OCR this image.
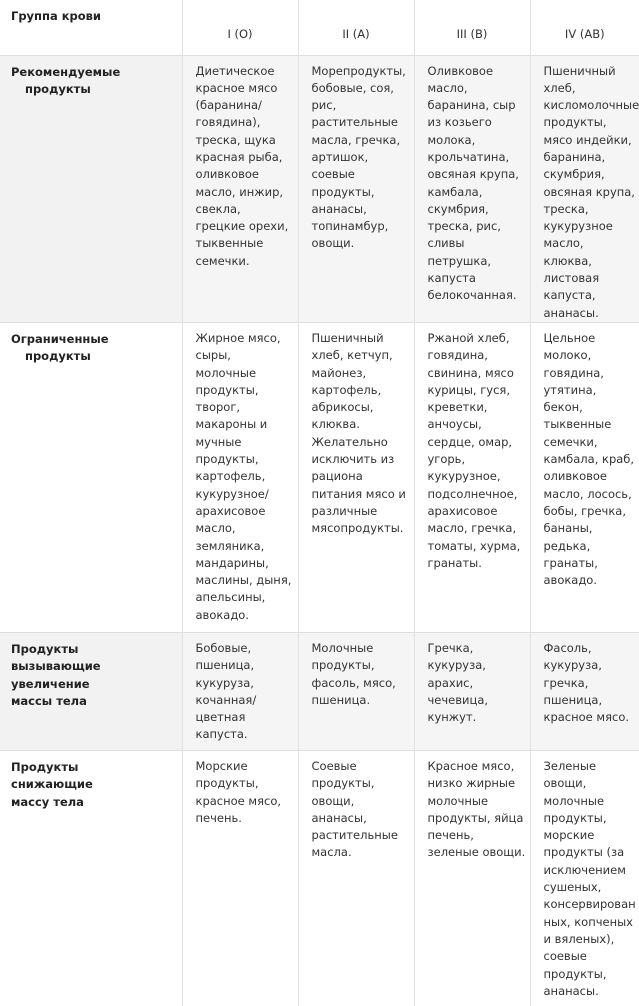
Группа крови	I (O)	II (A)	III (B)	IV (AB)
Рекомендуемые
продукты	Диетическое красное мясо (баранина/ говядина), треска, щука красная рыба, оливковое масло, инжир, свекла, грецкие орехи, тыквенные семечки.	Морепродукты, бобовые, соя, рис, растительные масла, гречка, артишок, соевые продукты, ананасы, топинамбур, овощи.	Оливковое масло, баранина, сыр из козьего молока, крольчатина, овсяная крупа, камбала, скумбрия, треска, рис, сливы петрушка, капуста белокочанная.	Пшеничный хлеб, кисломолочные продукты, мясо индейки, баранина, скумбрия, овсяная крупа, треска, кукурузное масло, клюква, листовая капуста, ананасы.
Ограниченные
продукты	Жирное мясо, сыры, молочные продукты, творог, макароны и мучные продукты, картофель, кукурузное/ арахисовое масло, земляника, мандарины, маслины, дыня, апельсины, авокадо.	Пшеничный хлеб, кетчуп, майонез, картофель, абрикосы, клюква. Желательно исключить из рациона питания мясо и различные мясопродукты.	Ржаной хлеб, говядина, свинина, мясо курицы, гуся, креветки, анчоусы, сердце, омар, угорь, кукурузное, подсолнечное, арахисовое масло, гречка, томаты, хурма, гранаты.	Цельное молоко, говядина, утятина, бекон, тыквенные семечки, камбала, краб, оливковое масло, лосось, бобы, гречка, бананы, редька, гранаты, авокадо.
Продукты
вызывающие
увеличение
массы тела	Бобовые, пшеница, кукуруза, кочанная/ цветная капуста.	Молочные продукты, фасоль, мясо, пшеница.	Гречка, кукуруза, арахис, чечевица, кунжут.	Фасоль, кукуруза, гречка, пшеница, красное мясо.
Продукты
снижающие
массу тела	Морские продукты, красное мясо, печень.	Соевые продукты, овощи, ананасы, растительные масла.	Красное мясо, низко жирные молочные продукты, яйца печень, зеленые овощи.	Зеленые овощи, молочные продукты, морские продукты (за исключением сушеных, консервирован ных, копченых и вяленых), соевые продукты, ананасы.
